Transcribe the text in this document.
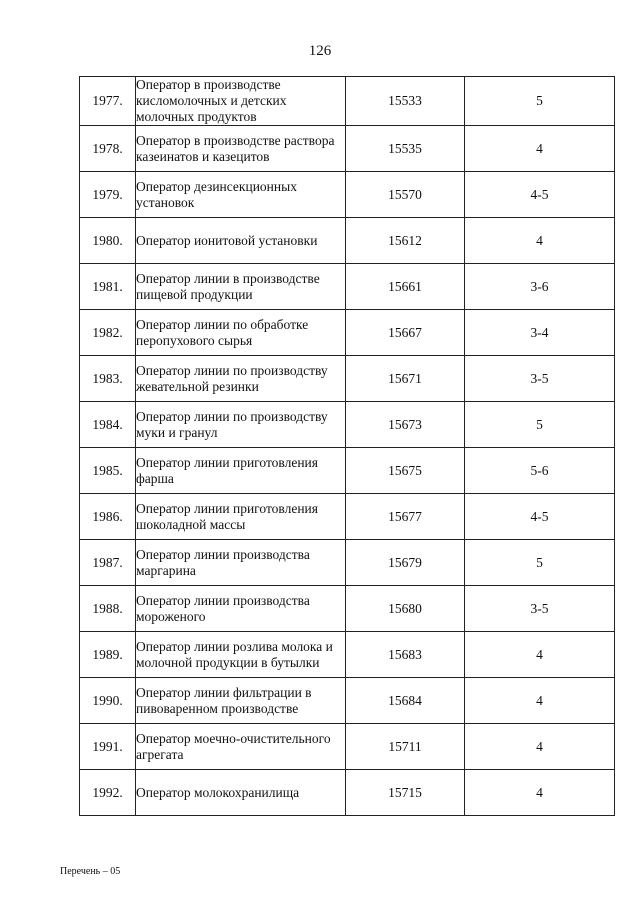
126
1977.	Оператор в производстве кисломолочных и детских молочных продуктов	15533	5
1978.	Оператор в производстве раствора казеинатов и казецитов	15535	4
1979.	Оператор дезинсекционных установок	15570	4-5
1980.	Оператор ионитовой установки	15612	4
1981.	Оператор линии в производстве пищевой продукции	15661	3-6
1982.	Оператор линии по обработке перопухового сырья	15667	3-4
1983.	Оператор линии по производству жевательной резинки	15671	3-5
1984.	Оператор линии по производству муки и гранул	15673	5
1985.	Оператор линии приготовления фарша	15675	5-6
1986.	Оператор линии приготовления шоколадной массы	15677	4-5
1987.	Оператор линии производства маргарина	15679	5
1988.	Оператор линии производства мороженого	15680	3-5
1989.	Оператор линии розлива молока и молочной продукции в бутылки	15683	4
1990.	Оператор линии фильтрации в пивоваренном производстве	15684	4
1991.	Оператор моечно-очистительного агрегата	15711	4
1992.	Оператор молокохранилища	15715	4
Перечень – 05
